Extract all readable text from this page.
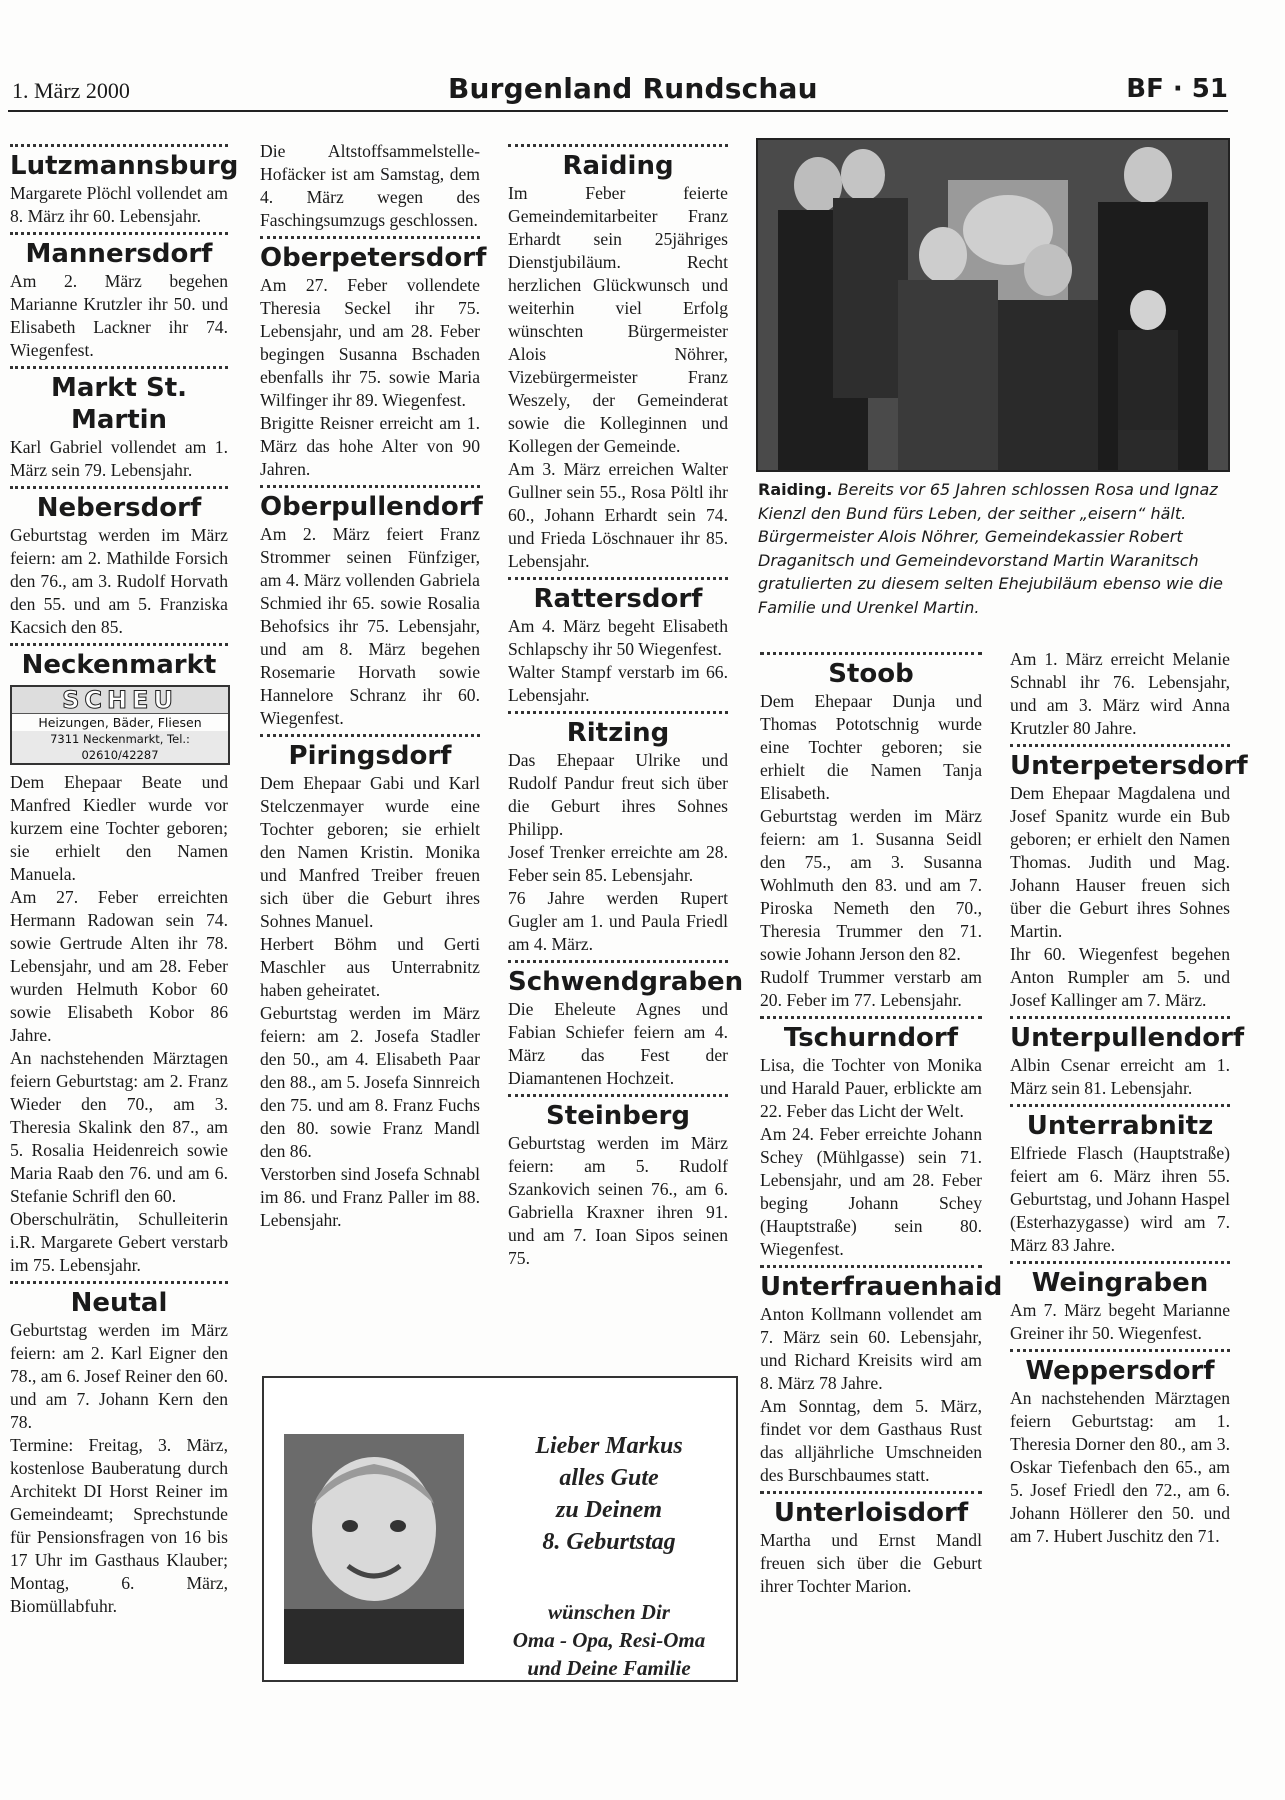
1. März 2000	Burgenland Rundschau	BF · 51
Lutzmannsburg

Margarete Plöchl vollendet am 8. März ihr 60. Lebensjahr.

Mannersdorf

Am 2. März begehen Marianne Krutzler ihr 50. und Elisabeth Lackner ihr 74. Wiegenfest.

Markt St. Martin

Karl Gabriel vollendet am 1. März sein 79. Lebensjahr.

Nebersdorf

Geburtstag werden im März feiern: am 2. Mathilde Forsich den 76., am 3. Rudolf Horvath den 55. und am 5. Franziska Kacsich den 85.

Neckenmarkt
SCHEU
Heizungen, Bäder, Fliesen
7311 Neckenmarkt, Tel.: 02610/42287

Dem Ehepaar Beate und Manfred Kiedler wurde vor kurzem eine Tochter geboren; sie erhielt den Namen Manuela.

Am 27. Feber erreichten Hermann Radowan sein 74. sowie Gertrude Alten ihr 78. Lebensjahr, und am 28. Feber wurden Helmuth Kobor 60 sowie Elisabeth Kobor 86 Jahre.

An nachstehenden Märztagen feiern Geburtstag: am 2. Franz Wieder den 70., am 3. Theresia Skalink den 87., am 5. Rosalia Heidenreich sowie Maria Raab den 76. und am 6. Stefanie Schrifl den 60.

Oberschulrätin, Schulleiterin i.R. Margarete Gebert verstarb im 75. Lebensjahr.

Neutal

Geburtstag werden im März feiern: am 2. Karl Eigner den 78., am 6. Josef Reiner den 60. und am 7. Johann Kern den 78.

Termine: Freitag, 3. März, kostenlose Bauberatung durch Architekt DI Horst Reiner im Gemeindeamt; Sprechstunde für Pensionsfragen von 16 bis 17 Uhr im Gasthaus Klauber; Montag, 6. März, Biomüllabfuhr.

Die Altstoffsammelstelle-Hofäcker ist am Samstag, dem 4. März wegen des Faschingsumzugs geschlossen.

Oberpetersdorf

Am 27. Feber vollendete Theresia Seckel ihr 75. Lebensjahr, und am 28. Feber begingen Susanna Bschaden ebenfalls ihr 75. sowie Maria Wilfinger ihr 89. Wiegenfest.

Brigitte Reisner erreicht am 1. März das hohe Alter von 90 Jahren.

Oberpullendorf

Am 2. März feiert Franz Strommer seinen Fünfziger, am 4. März vollenden Gabriela Schmied ihr 65. sowie Rosalia Behofsics ihr 75. Lebensjahr, und am 8. März begehen Rosemarie Horvath sowie Hannelore Schranz ihr 60. Wiegenfest.

Piringsdorf

Dem Ehepaar Gabi und Karl Stelczenmayer wurde eine Tochter geboren; sie erhielt den Namen Kristin. Monika und Manfred Treiber freuen sich über die Geburt ihres Sohnes Manuel.

Herbert Böhm und Gerti Maschler aus Unterrabnitz haben geheiratet.

Geburtstag werden im März feiern: am 2. Josefa Stadler den 50., am 4. Elisabeth Paar den 88., am 5. Josefa Sinnreich den 75. und am 8. Franz Fuchs den 80. sowie Franz Mandl den 86.

Verstorben sind Josefa Schnabl im 86. und Franz Paller im 88. Lebensjahr.

Raiding

Im Feber feierte Gemeindemitarbeiter Franz Erhardt sein 25jähriges Dienstjubiläum. Recht herzlichen Glückwunsch und weiterhin viel Erfolg wünschten Bürgermeister Alois Nöhrer, Vizebürgermeister Franz Weszely, der Gemeinderat sowie die Kolleginnen und Kollegen der Gemeinde.

Am 3. März erreichen Walter Gullner sein 55., Rosa Pöltl ihr 60., Johann Erhardt sein 74. und Frieda Löschnauer ihr 85. Lebensjahr.

Rattersdorf

Am 4. März begeht Elisabeth Schlapschy ihr 50 Wiegenfest.

Walter Stampf verstarb im 66. Lebensjahr.

Ritzing

Das Ehepaar Ulrike und Rudolf Pandur freut sich über die Geburt ihres Sohnes Philipp.

Josef Trenker erreichte am 28. Feber sein 85. Lebensjahr.

76 Jahre werden Rupert Gugler am 1. und Paula Friedl am 4. März.

Schwendgraben

Die Eheleute Agnes und Fabian Schiefer feiern am 4. März das Fest der Diamantenen Hochzeit.

Steinberg

Geburtstag werden im März feiern: am 5. Rudolf Szankovich seinen 76., am 6. Gabriella Kraxner ihren 91. und am 7. Ioan Sipos seinen 75.

Raiding. Bereits vor 65 Jahren schlossen Rosa und Ignaz Kienzl den Bund fürs Leben, der seither „eisern“ hält. Bürgermeister Alois Nöhrer, Gemeindekassier Robert Draganitsch und Gemeindevorstand Martin Waranitsch gratulierten zu diesem selten Ehejubiläum ebenso wie die Familie und Urenkel Martin.
Stoob

Dem Ehepaar Dunja und Thomas Pototschnig wurde eine Tochter geboren; sie erhielt die Namen Tanja Elisabeth.

Geburtstag werden im März feiern: am 1. Susanna Seidl den 75., am 3. Susanna Wohlmuth den 83. und am 7. Piroska Nemeth den 70., Theresia Trummer den 71. sowie Johann Jerson den 82.

Rudolf Trummer verstarb am 20. Feber im 77. Lebensjahr.

Tschurndorf

Lisa, die Tochter von Monika und Harald Pauer, erblickte am 22. Feber das Licht der Welt.

Am 24. Feber erreichte Johann Schey (Mühlgasse) sein 71. Lebensjahr, und am 28. Feber beging Johann Schey (Hauptstraße) sein 80. Wiegenfest.

Unterfrauenhaid

Anton Kollmann vollendet am 7. März sein 60. Lebensjahr, und Richard Kreisits wird am 8. März 78 Jahre.

Am Sonntag, dem 5. März, findet vor dem Gasthaus Rust das alljährliche Umschneiden des Burschbaumes statt.

Unterloisdorf

Martha und Ernst Mandl freuen sich über die Geburt ihrer Tochter Marion.

Am 1. März erreicht Melanie Schnabl ihr 76. Lebensjahr, und am 3. März wird Anna Krutzler 80 Jahre.

Unterpetersdorf

Dem Ehepaar Magdalena und Josef Spanitz wurde ein Bub geboren; er erhielt den Namen Thomas. Judith und Mag. Johann Hauser freuen sich über die Geburt ihres Sohnes Martin.

Ihr 60. Wiegenfest begehen Anton Rumpler am 5. und Josef Kallinger am 7. März.

Unterpullendorf

Albin Csenar erreicht am 1. März sein 81. Lebensjahr.

Unterrabnitz

Elfriede Flasch (Hauptstraße) feiert am 6. März ihren 55. Geburtstag, und Johann Haspel (Esterhazygasse) wird am 7. März 83 Jahre.

Weingraben

Am 7. März begeht Marianne Greiner ihr 50. Wiegenfest.

Weppersdorf

An nachstehenden Märztagen feiern Geburtstag: am 1. Theresia Dorner den 80., am 3. Oskar Tiefenbach den 65., am 5. Josef Friedl den 72., am 6. Johann Höllerer den 50. und am 7. Hubert Juschitz den 71.

Lieber Markus
alles Gute
zu Deinem
8. Geburtstag
wünschen Dir
Oma - Opa, Resi-Oma
und Deine Familie
